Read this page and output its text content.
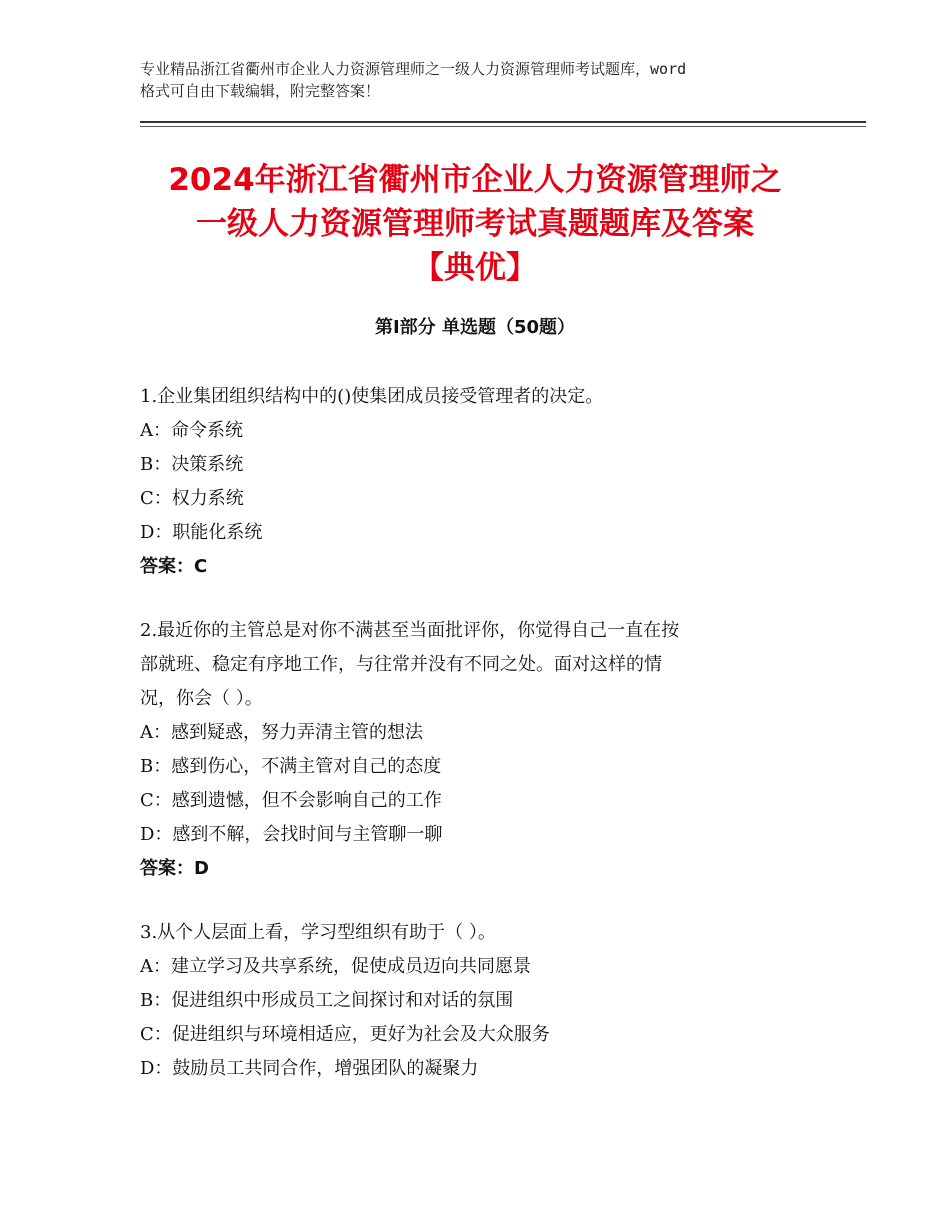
专业精品浙江省衢州市企业人力资源管理师之一级人力资源管理师考试题库，word
格式可自由下载编辑，附完整答案！
2024年浙江省衢州市企业人力资源管理师之
一级人力资源管理师考试真题题库及答案
【典优】
第Ⅰ部分 单选题（50题）
1.企业集团组织结构中的()使集团成员接受管理者的决定。
A：命令系统
B：决策系统
C：权力系统
D：职能化系统
答案：C
2.最近你的主管总是对你不满甚至当面批评你，你觉得自己一直在按
部就班、稳定有序地工作，与往常并没有不同之处。面对这样的情
况，你会（ ）。
A：感到疑惑，努力弄清主管的想法
B：感到伤心，不满主管对自己的态度
C：感到遗憾，但不会影响自己的工作
D：感到不解，会找时间与主管聊一聊
答案：D
3.从个人层面上看，学习型组织有助于（ ）。
A：建立学习及共享系统，促使成员迈向共同愿景
B：促进组织中形成员工之间探讨和对话的氛围
C：促进组织与环境相适应，更好为社会及大众服务
D：鼓励员工共同合作，增强团队的凝聚力
